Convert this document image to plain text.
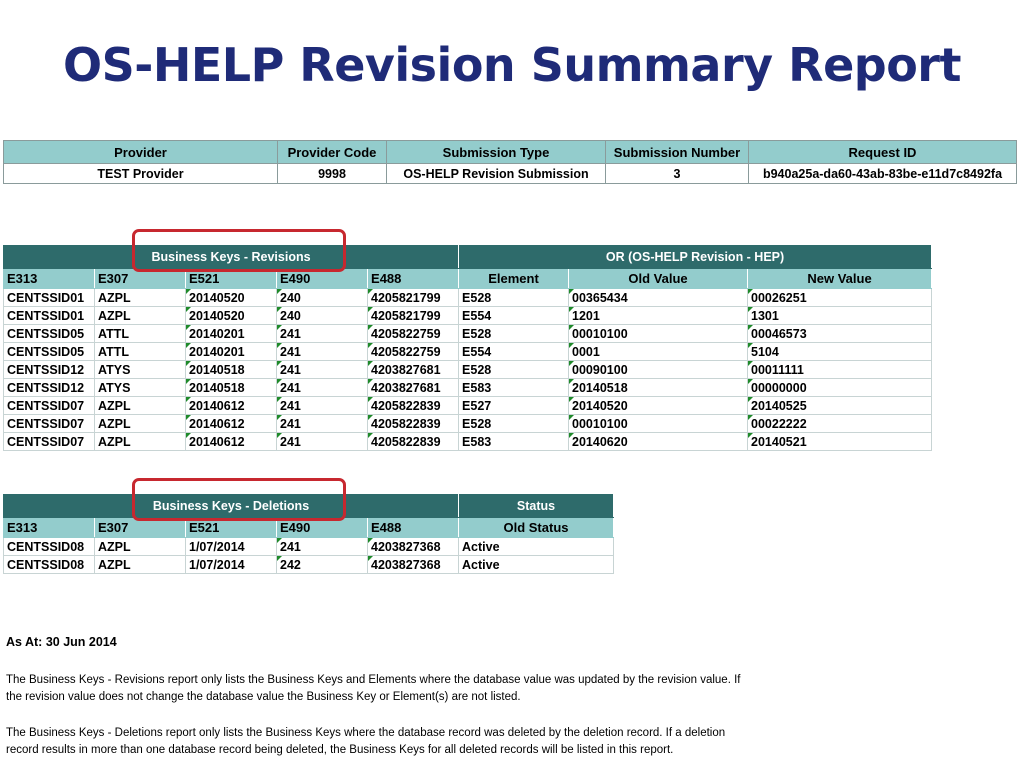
OS-HELP Revision Summary Report
Provider	Provider Code	Submission Type	Submission Number	Request ID
TEST Provider	9998	OS-HELP Revision Submission	3	b940a25a-da60-43ab-83be-e11d7c8492fa
	Business Keys - Revisions				OR (OS-HELP Revision - HEP)		
E313	E307	E521	E490	E488	Element	Old Value	New Value
CENTSSID01	AZPL	20140520	240	4205821799	E528	00365434	00026251
CENTSSID01	AZPL	20140520	240	4205821799	E554	1201	1301
CENTSSID05	ATTL	20140201	241	4205822759	E528	00010100	00046573
CENTSSID05	ATTL	20140201	241	4205822759	E554	0001	5104
CENTSSID12	ATYS	20140518	241	4203827681	E528	00090100	00011111
CENTSSID12	ATYS	20140518	241	4203827681	E583	20140518	00000000
CENTSSID07	AZPL	20140612	241	4205822839	E527	20140520	20140525
CENTSSID07	AZPL	20140612	241	4205822839	E528	00010100	00022222
CENTSSID07	AZPL	20140612	241	4205822839	E583	20140620	20140521
	Business Keys - Deletions				Status
E313	E307	E521	E490	E488	Old Status
CENTSSID08	AZPL	1/07/2014	241	4203827368	Active
CENTSSID08	AZPL	1/07/2014	242	4203827368	Active
As At: 30 Jun 2014
The Business Keys - Revisions report only lists the Business Keys and Elements where the database value was updated by the revision value. If the revision value does not change the database value the Business Key or Element(s) are not listed.
The Business Keys - Deletions report only lists the Business Keys where the database record was deleted by the deletion record. If a deletion record results in more than one database record being deleted, the Business Keys for all deleted records will be listed in this report.
